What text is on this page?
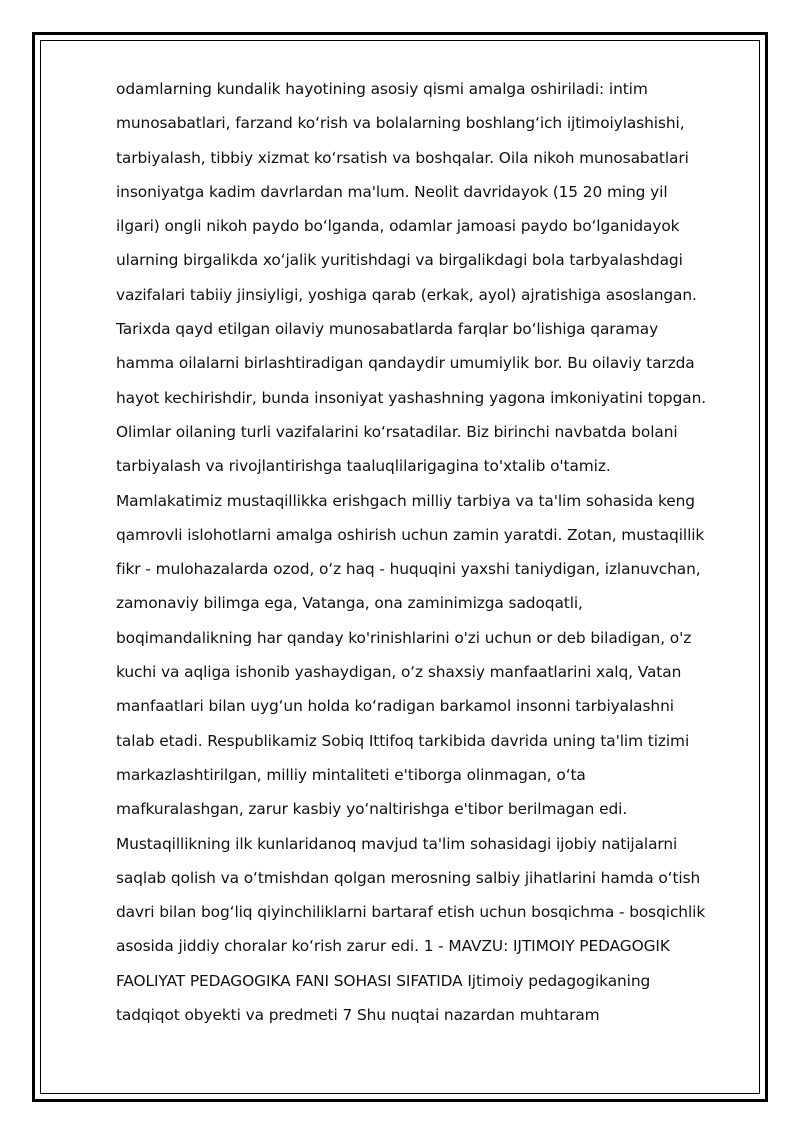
odamlarning kundalik hayotining asosiy qismi amalga oshiriladi: intim
munosabatlari, farzand koʻrish va bolalarning boshlangʻich ijtimoiylashishi,
tarbiyalash, tibbiy xizmat koʻrsatish va boshqalar. Oila nikoh munosabatlari
insoniyatga kadim davrlardan ma'lum. Neolit davridayok (15 20 ming yil
ilgari) ongli nikoh paydo boʻlganda, odamlar jamoasi paydo boʻlganidayok
ularning birgalikda xoʻjalik yuritishdagi va birgalikdagi bola tarbyalashdagi
vazifalari tabiiy jinsiyligi, yoshiga qarab (erkak, ayol) ajratishiga asoslangan.
Tarixda qayd etilgan oilaviy munosabatlarda farqlar boʻlishiga qaramay
hamma oilalarni birlashtiradigan qandaydir umumiylik bor. Bu oilaviy tarzda
hayot kechirishdir, bunda insoniyat yashashning yagona imkoniyatini topgan.
Olimlar oilaning turli vazifalarini koʻrsatadilar. Biz birinchi navbatda bolani
tarbiyalash va rivojlantirishga taaluqlilarigagina to'xtalib o'tamiz.
Mamlakatimiz mustaqillikka erishgach milliy tarbiya va ta'lim sohasida keng
qamrovli islohotlarni amalga oshirish uchun zamin yaratdi. Zotan, mustaqillik
fikr - mulohazalarda ozod, oʻz haq - huquqini yaxshi taniydigan, izlanuvchan,
zamonaviy bilimga ega, Vatanga, ona zaminimizga sadoqatli,
boqimandalikning har qanday ko'rinishlarini o'zi uchun or deb biladigan, o'z
kuchi va aqliga ishonib yashaydigan, oʻz shaxsiy manfaatlarini xalq, Vatan
manfaatlari bilan uygʻun holda koʻradigan barkamol insonni tarbiyalashni
talab etadi. Respublikamiz Sobiq Ittifoq tarkibida davrida uning ta'lim tizimi
markazlashtirilgan, milliy mintaliteti e'tiborga olinmagan, oʻta
mafkuralashgan, zarur kasbiy yoʻnaltirishga e'tibor berilmagan edi.
Mustaqillikning ilk kunlaridanoq mavjud ta'lim sohasidagi ijobiy natijalarni
saqlab qolish va oʻtmishdan qolgan merosning salbiy jihatlarini hamda oʻtish
davri bilan bogʻliq qiyinchiliklarni bartaraf etish uchun bosqichma - bosqichlik
asosida jiddiy choralar koʻrish zarur edi. 1 - MAVZU: IJTIMOIY PEDAGOGIK
FAOLIYAT PEDAGOGIKA FANI SOHASI SIFATIDA Ijtimoiy pedagogikaning
tadqiqot obyekti va predmeti 7 Shu nuqtai nazardan muhtaram
